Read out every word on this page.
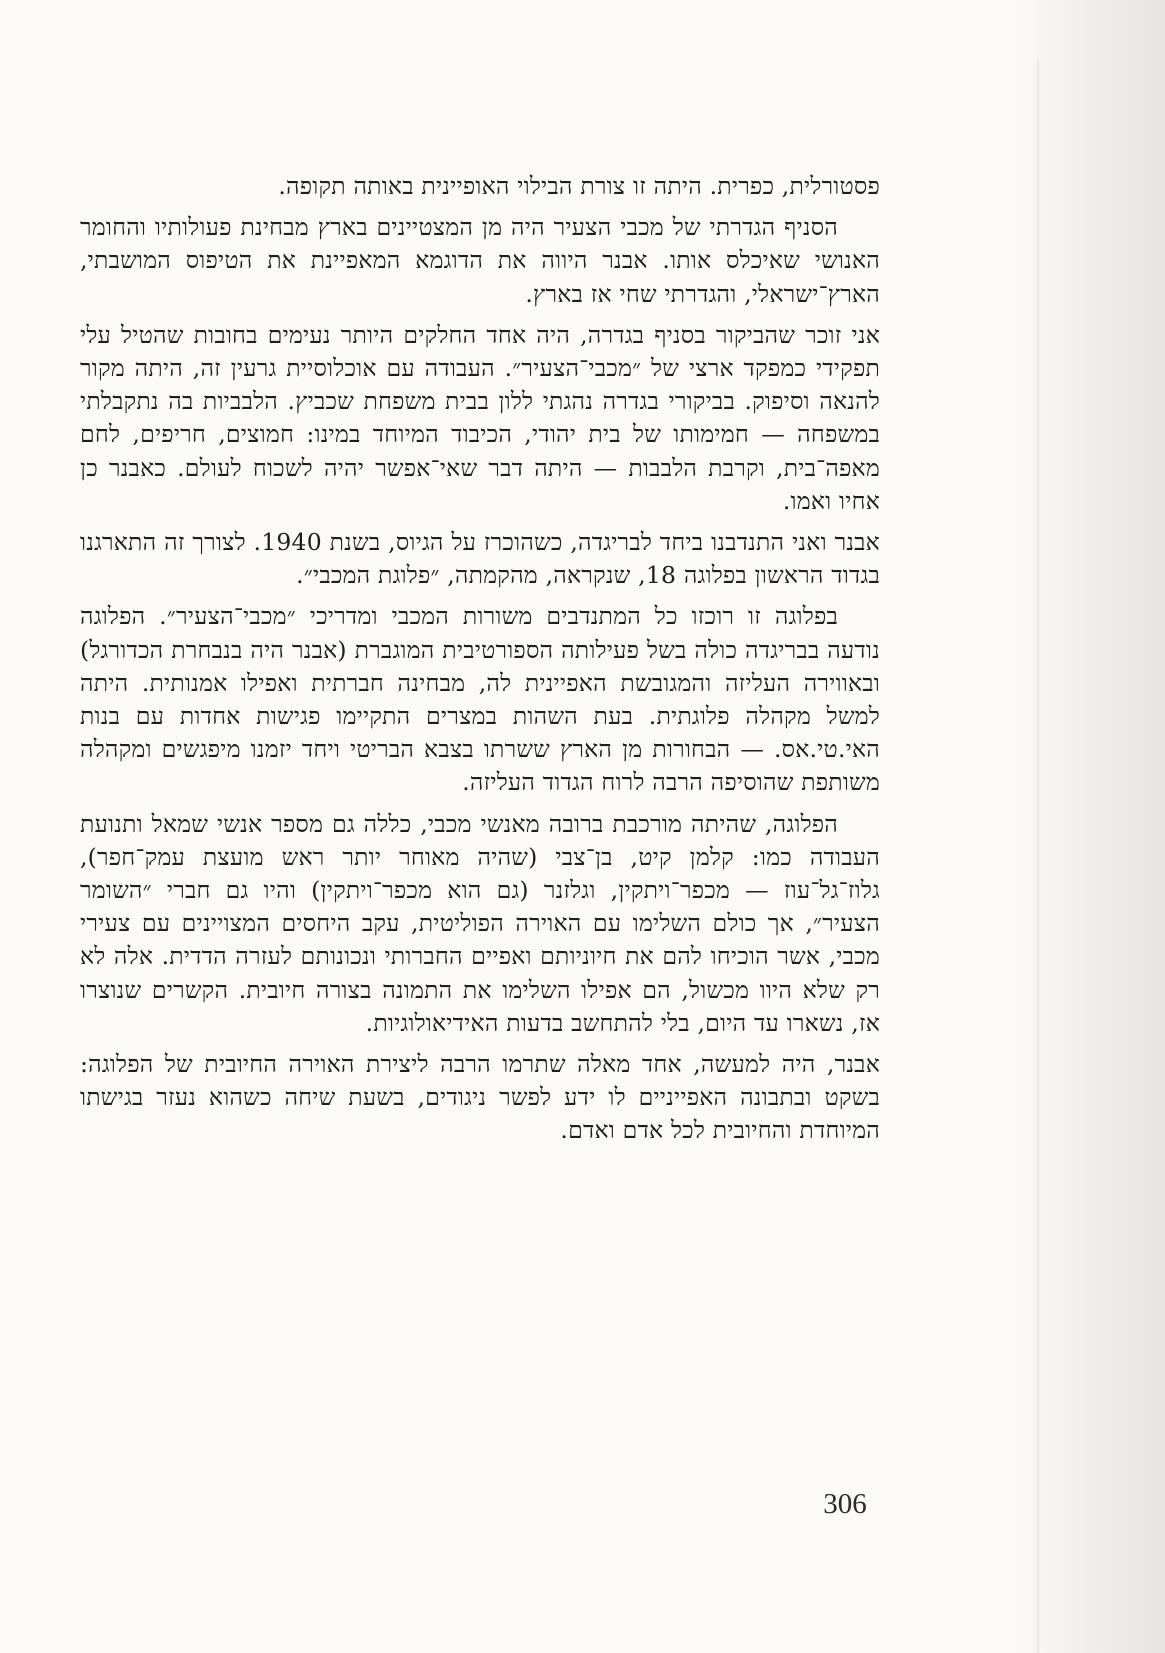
פסטורלית, כפרית. היתה זו צורת הבילוי האופיינית באותה תקופה.

הסניף הגדרתי של מכבי הצעיר היה מן המצטיינים בארץ מבחינת פעולותיו והחומר האנושי שאיכלס אותו. אבנר היווה את הדוגמא המאפיינת את הטיפוס המושבתי, הארץ־ישראלי, והגדרתי שחי אז בארץ.

אני זוכר שהביקור בסניף בגדרה, היה אחד החלקים היותר נעימים בחובות שהטיל עלי תפקידי כמפקד ארצי של ״מכבי־הצעיר״. העבודה עם אוכלוסיית גרעין זה, היתה מקור להנאה וסיפוק. בביקורי בגדרה נהגתי ללון בבית משפחת שכביץ. הלבביות בה נתקבלתי במשפחה — חמימותו של בית יהודי, הכיבוד המיוחד במינו: חמוצים, חריפים, לחם מאפה־בית, וקרבת הלבבות — היתה דבר שאי־אפשר יהיה לשכוח לעולם. כאבנר כן אחיו ואמו.

אבנר ואני התנדבנו ביחד לבריגדה, כשהוכרז על הגיוס, בשנת 1940. לצורך זה התארגנו בגדוד הראשון בפלוגה 18, שנקראה, מהקמתה, ״פלוגת המכבי״.

בפלוגה זו רוכזו כל המתנדבים משורות המכבי ומדריכי ״מכבי־הצעיר״. הפלוגה נודעה בבריגדה כולה בשל פעילותה הספורטיבית המוגברת (אבנר היה בנבחרת הכדורגל) ובאווירה העליזה והמגובשת האפיינית לה, מבחינה חברתית ואפילו אמנותית. היתה למשל מקהלה פלוגתית. בעת השהות במצרים התקיימו פגישות אחדות עם בנות האי.טי.אס. — הבחורות מן הארץ ששרתו בצבא הבריטי ויחד יזמנו מיפגשים ומקהלה משותפת שהוסיפה הרבה לרוח הגדוד העליזה.

הפלוגה, שהיתה מורכבת ברובה מאנשי מכבי, כללה גם מספר אנשי שמאל ותנועת העבודה כמו: קלמן קיט, בן־צבי (שהיה מאוחר יותר ראש מועצת עמק־חפר), גלוז־גל־עוז — מכפר־ויתקין, וגלזנר (גם הוא מכפר־ויתקין) והיו גם חברי ״השומר הצעיר״, אך כולם השלימו עם האוירה הפוליטית, עקב היחסים המצויינים עם צעירי מכבי, אשר הוכיחו להם את חיוניותם ואפיים החברותי ונכונותם לעזרה הדדית. אלה לא רק שלא היוו מכשול, הם אפילו השלימו את התמונה בצורה חיובית. הקשרים שנוצרו אז, נשארו עד היום, בלי להתחשב בדעות האידיאולוגיות.

אבנר, היה למעשה, אחד מאלה שתרמו הרבה ליצירת האוירה החיובית של הפלוגה: בשקט ובתבונה האפייניים לו ידע לפשר ניגודים, בשעת שיחה כשהוא נעזר בגישתו המיוחדת והחיובית לכל אדם ואדם.

306
